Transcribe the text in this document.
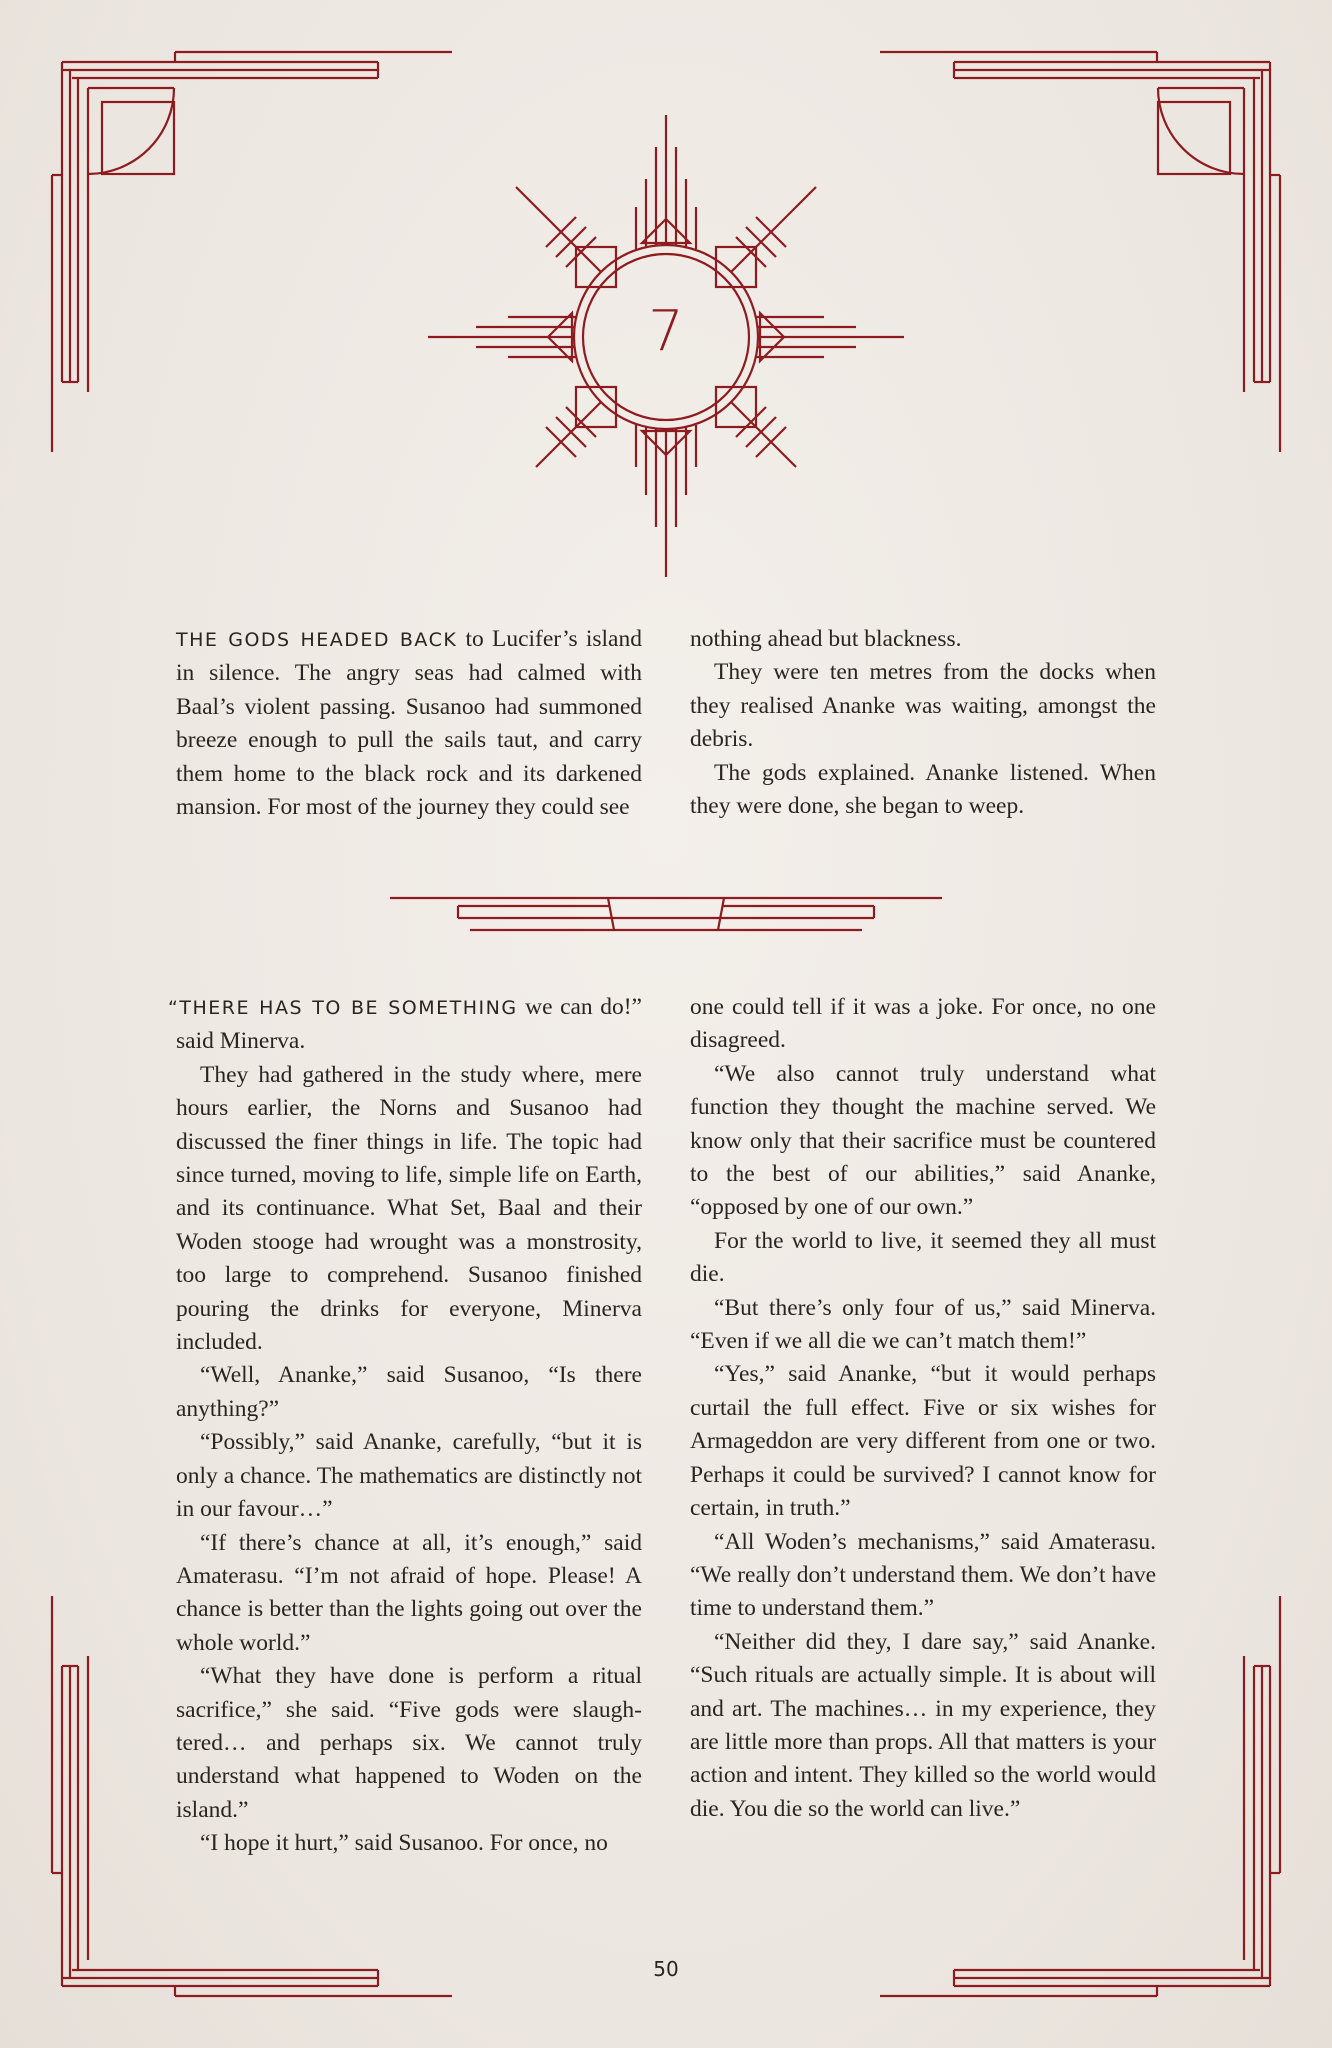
7

THE GODS HEADED BACK to Lucifer’s island in silence. The angry seas had calmed with Baal’s violent passing. Susanoo had summoned breeze enough to pull the sails taut, and carry them home to the black rock and its darkened mansion. For most of the journey they could see

nothing ahead but blackness.

They were ten metres from the docks when they realised Ananke was waiting, amongst the debris.

The gods explained. Ananke listened. When they were done, she began to weep.

“THERE HAS TO BE SOMETHING we can do!” said Minerva.

They had gathered in the study where, mere hours earlier, the Norns and Susanoo had discussed the finer things in life. The topic had since turned, moving to life, simple life on Earth, and its continuance. What Set, Baal and their Woden stooge had wrought was a monstrosity, too large to comprehend. Susanoo finished pouring the drinks for everyone, Minerva included.

“Well, Ananke,” said Susanoo, “Is there anything?”

“Possibly,” said Ananke, carefully, “but it is only a chance. The mathematics are distinctly not in our favour…”

“If there’s chance at all, it’s enough,” said Amaterasu. “I’m not afraid of hope. Please! A chance is better than the lights going out over the whole world.”

“What they have done is perform a ritual sacrifice,” she said. “Five gods were slaugh-tered… and perhaps six. We cannot truly understand what happened to Woden on the island.”

“I hope it hurt,” said Susanoo. For once, no

one could tell if it was a joke. For once, no one disagreed.

“We also cannot truly understand what function they thought the machine served. We know only that their sacrifice must be countered to the best of our abilities,” said Ananke, “opposed by one of our own.”

For the world to live, it seemed they all must die.

“But there’s only four of us,” said Minerva. “Even if we all die we can’t match them!”

“Yes,” said Ananke, “but it would perhaps curtail the full effect. Five or six wishes for Armageddon are very different from one or two. Perhaps it could be survived? I cannot know for certain, in truth.”

“All Woden’s mechanisms,” said Amaterasu. “We really don’t understand them. We don’t have time to understand them.”

“Neither did they, I dare say,” said Ananke. “Such rituals are actually simple. It is about will and art. The machines… in my experience, they are little more than props. All that matters is your action and intent. They killed so the world would die. You die so the world can live.”

50
